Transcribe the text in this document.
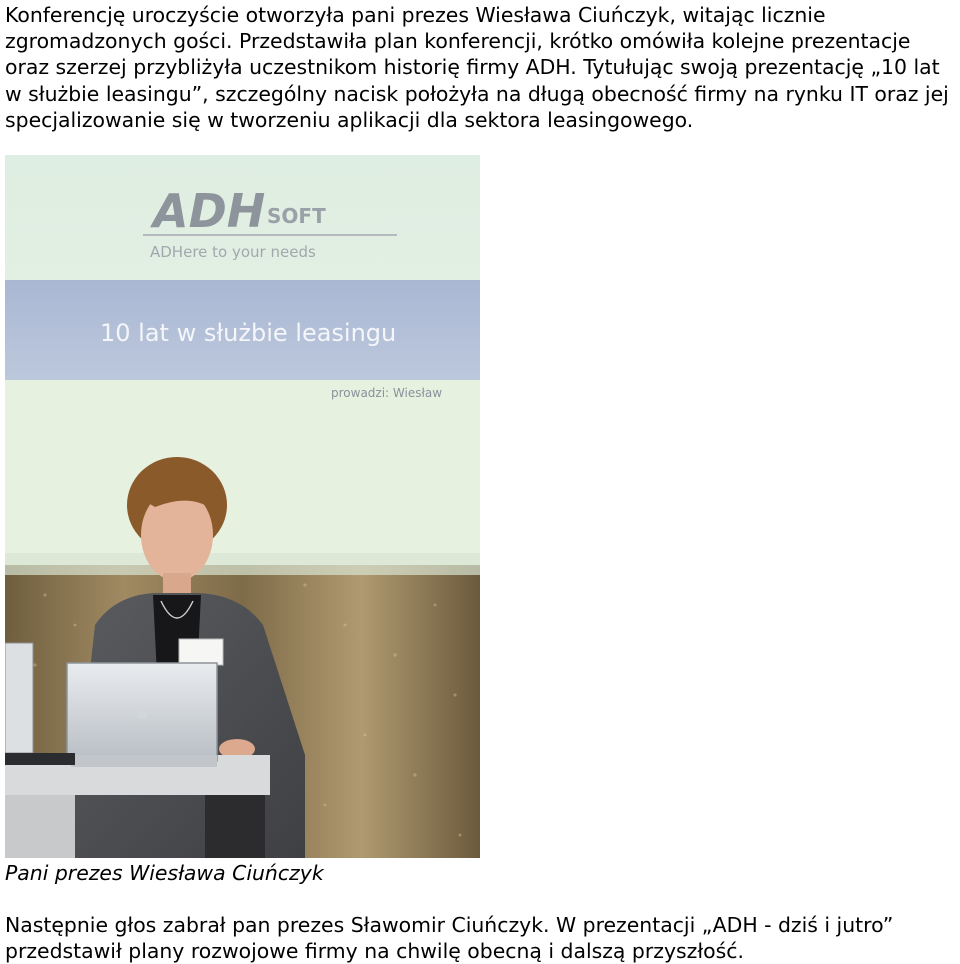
Konferencję uroczyście otworzyła pani prezes Wiesława Ciuńczyk, witając licznie zgromadzonych gości. Przedstawiła plan konferencji, krótko omówiła kolejne prezentacje oraz szerzej przybliżyła uczestnikom historię firmy ADH. Tytułując swoją prezentację „10 lat w służbie leasingu”, szczególny nacisk położyła na długą obecność firmy na rynku IT oraz jej specjalizowanie się w tworzeniu aplikacji dla sektora leasingowego.

ADH SOFT
ADHere to your needs
10 lat w służbie leasingu
prowadzi: Wiesław

Pani prezes Wiesława Ciuńczyk

Następnie głos zabrał pan prezes Sławomir Ciuńczyk. W prezentacji „ADH - dziś i jutro” przedstawił plany rozwojowe firmy na chwilę obecną i dalszą przyszłość.
